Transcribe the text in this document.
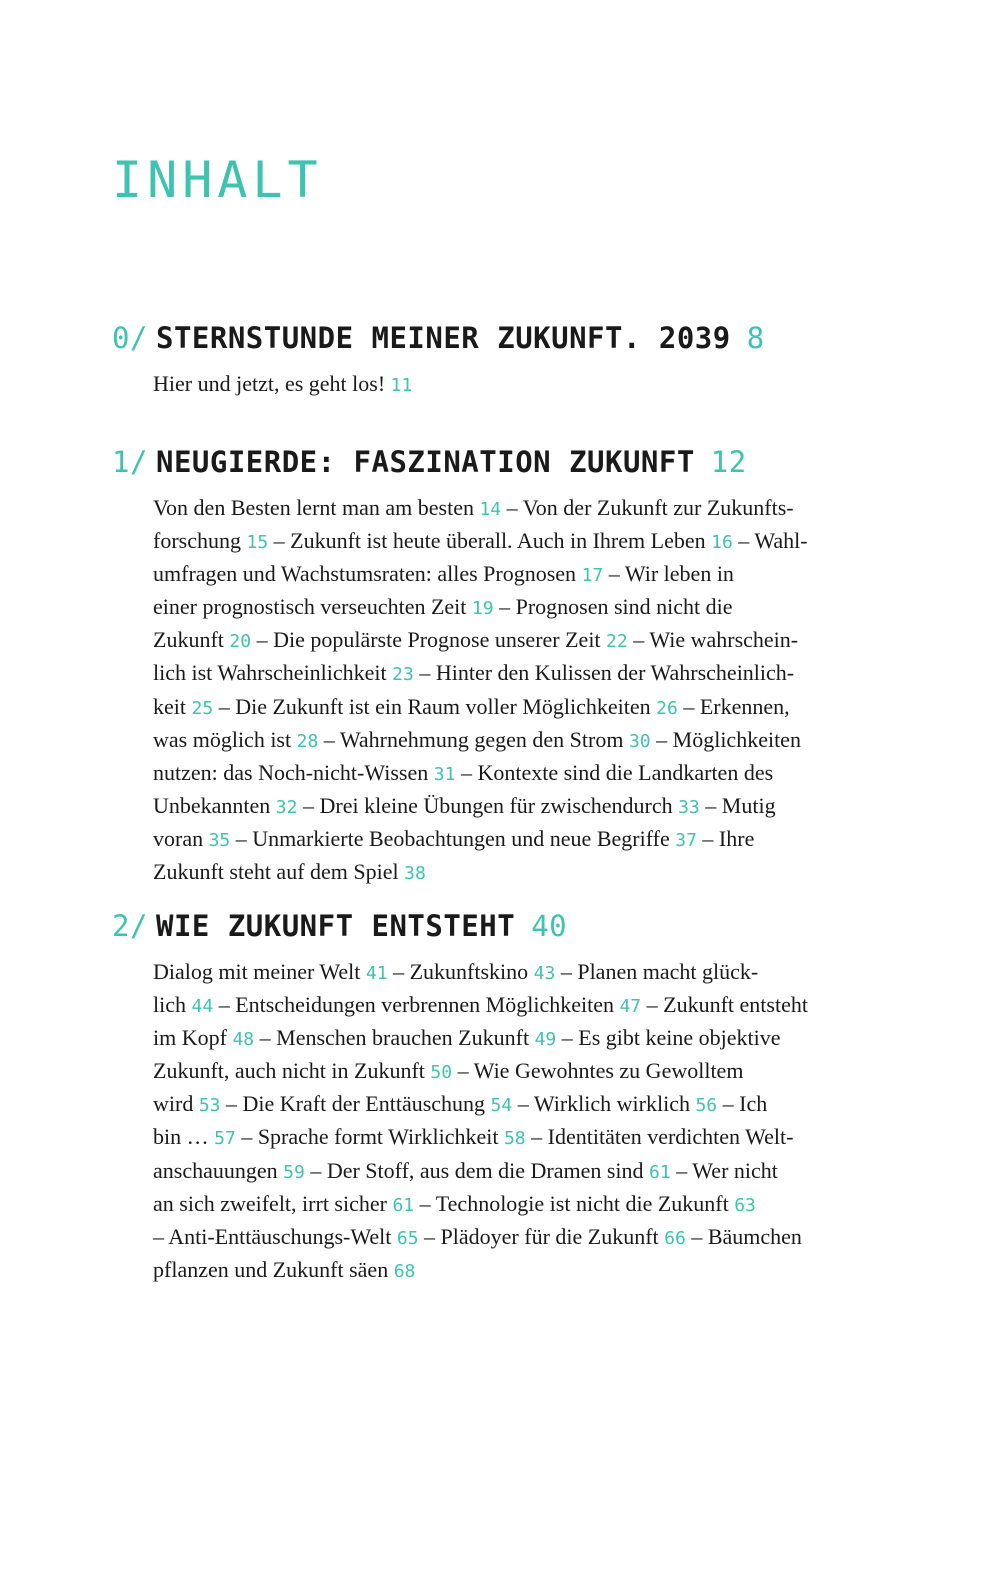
INHALT
0/ STERNSTUNDE MEINER ZUKUNFT. 2039 8
Hier und jetzt, es geht los! 11
1/ NEUGIERDE: FASZINATION ZUKUNFT 12
Von den Besten lernt man am besten 14 – Von der Zukunft zur Zukunfts-
forschung 15 – Zukunft ist heute überall. Auch in Ihrem Leben 16 – Wahl-
umfragen und Wachstumsraten: alles Prognosen 17 – Wir leben in
einer prognostisch verseuchten Zeit 19 – Prognosen sind nicht die
Zukunft 20 – Die populärste Prognose unserer Zeit 22 – Wie wahrschein-
lich ist Wahrscheinlichkeit 23 – Hinter den Kulissen der Wahrscheinlich-
keit 25 – Die Zukunft ist ein Raum voller Möglichkeiten 26 – Erkennen,
was möglich ist 28 – Wahrnehmung gegen den Strom 30 – Möglichkeiten
nutzen: das Noch-nicht-Wissen 31 – Kontexte sind die Landkarten des
Unbekannten 32 – Drei kleine Übungen für zwischendurch 33 – Mutig
voran 35 – Unmarkierte Beobachtungen und neue Begriffe 37 – Ihre
Zukunft steht auf dem Spiel 38
2/ WIE ZUKUNFT ENTSTEHT 40
Dialog mit meiner Welt 41 – Zukunftskino 43 – Planen macht glück-
lich 44 – Entscheidungen verbrennen Möglichkeiten 47 – Zukunft entsteht
im Kopf 48 – Menschen brauchen Zukunft 49 – Es gibt keine objektive
Zukunft, auch nicht in Zukunft 50 – Wie Gewohntes zu Gewolltem
wird 53 – Die Kraft der Enttäuschung 54 – Wirklich wirklich 56 – Ich
bin … 57 – Sprache formt Wirklichkeit 58 – Identitäten verdichten Welt-
anschauungen 59 – Der Stoff, aus dem die Dramen sind 61 – Wer nicht
an sich zweifelt, irrt sicher 61 – Technologie ist nicht die Zukunft 63
– Anti-Enttäuschungs-Welt 65 – Plädoyer für die Zukunft 66 – Bäumchen
pflanzen und Zukunft säen 68
